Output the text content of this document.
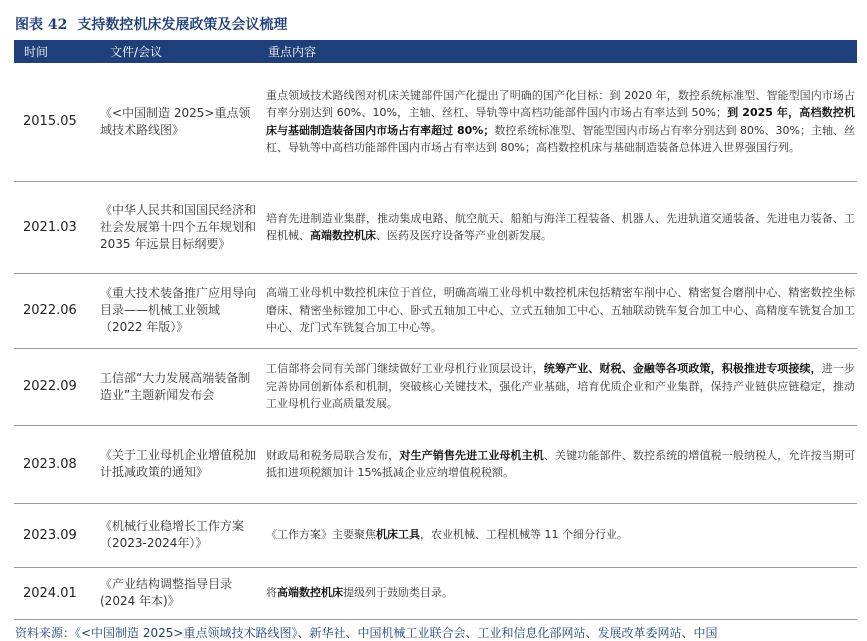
图表 42 支持数控机床发展政策及会议梳理
时间	文件/会议	重点内容
2015.05	《<中国制造 2025>重点领域技术路线图》	重点领域技术路线图对机床关键部件国产化提出了明确的国产化目标：到 2020 年，数控系统标准型、智能型国内市场占有率分别达到 60%、10%，主轴、丝杠、导轨等中高档功能部件国内市场占有率达到 50%；到 2025 年，高档数控机床与基础制造装备国内市场占有率超过 80%；数控系统标准型、智能型国内市场占有率分别达到 80%、30%；主轴、丝杠、导轨等中高档功能部件国内市场占有率达到 80%；高档数控机床与基础制造装备总体进入世界强国行列。
2021.03	《中华人民共和国国民经济和社会发展第十四个五年规划和 2035 年远景目标纲要》	培育先进制造业集群，推动集成电路、航空航天、船舶与海洋工程装备、机器人、先进轨道交通装备、先进电力装备、工程机械、高端数控机床、医药及医疗设备等产业创新发展。
2022.06	《重大技术装备推广应用导向目录——机械工业领域（2022 年版）》	高端工业母机中数控机床位于首位，明确高端工业母机中数控机床包括精密车削中心、精密复合磨削中心、精密数控坐标磨床、精密坐标镗加工中心、卧式五轴加工中心、立式五轴加工中心、五轴联动铣车复合加工中心、高精度车铣复合加工中心、龙门式车铣复合加工中心等。
2022.09	工信部“大力发展高端装备制造业”主题新闻发布会	工信部将会同有关部门继续做好工业母机行业顶层设计，统筹产业、财税、金融等各项政策，积极推进专项接续，进一步完善协同创新体系和机制，突破核心关键技术，强化产业基础，培育优质企业和产业集群，保持产业链供应链稳定，推动工业母机行业高质量发展。
2023.08	《关于工业母机企业增值税加计抵减政策的通知》	财政局和税务局联合发布，对生产销售先进工业母机主机、关键功能部件、数控系统的增值税一般纳税人，允许按当期可抵扣进项税额加计 15%抵减企业应纳增值税税额。
2023.09	《机械行业稳增长工作方案（2023-2024年）》	《工作方案》主要聚焦机床工具，农业机械、工程机械等 11 个细分行业。
2024.01	《产业结构调整指导目录(2024 年本)》	将高端数控机床提级列于鼓励类目录。
资料来源：《<中国制造 2025>重点领域技术路线图》、新华社、中国机械工业联合会、工业和信息化部网站、发展改革委网站、中国
